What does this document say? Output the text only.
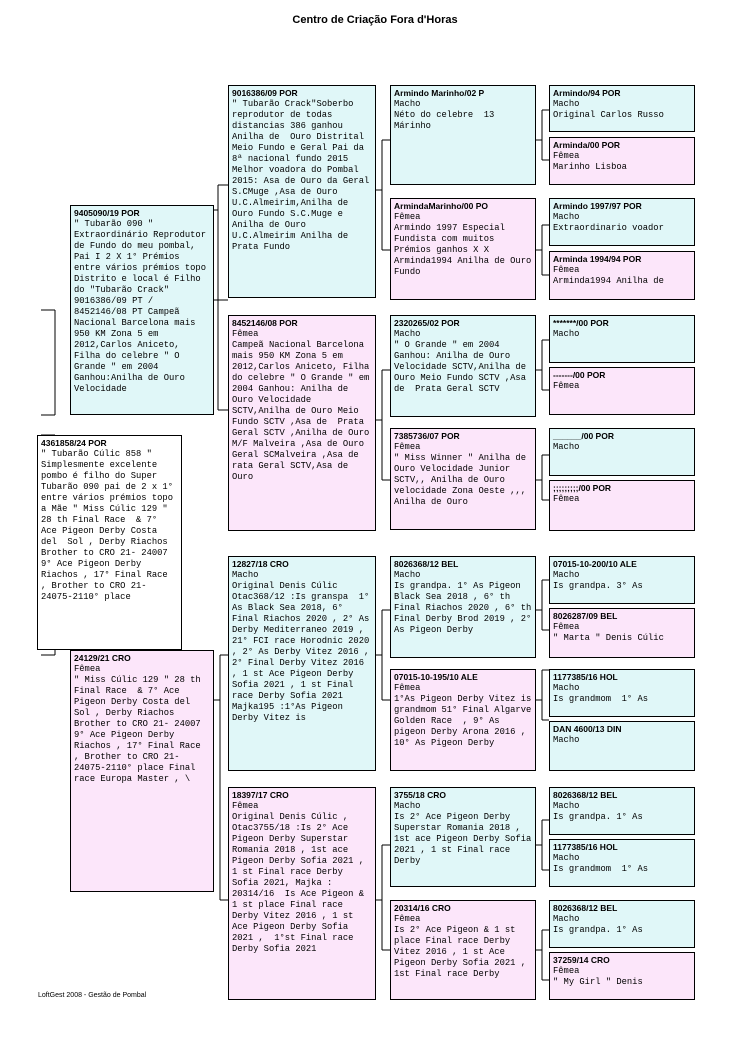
Centro de Criação Fora d'Horas
4361858/24 POR
" Tubarão Cúlic 858 " Simplesmente excelente pombo é filho do Super Tubarão 090 pai de 2 x 1° entre vários prémios topo a Mãe " Miss Cúlic 129 " 28 th Final Race  & 7° Ace Pigeon Derby Costa del  Sol , Derby Riachos Brother to CRO 21- 24007 9° Ace Pigeon Derby Riachos , 17° Final Race , Brother to CRO 21-24075-2110° place
9405090/19 POR
" Tubarão 090 " Extraordinário Reprodutor de Fundo do meu pombal, Pai I 2 X 1° Prémios entre vários prémios topo Distrito e local é Filho do "Tubarão Crack" 9016386/09 PT / 8452146/08 PT Campeã Nacional Barcelona mais 950 KM Zona 5 em 2012,Carlos Aniceto, Filha do celebre " O Grande " em 2004 Ganhou:Anilha de Ouro Velocidade
24129/21 CRO
Fêmea
" Miss Cúlic 129 " 28 th Final Race  & 7° Ace Pigeon Derby Costa del  Sol , Derby Riachos Brother to CRO 21- 24007 9° Ace Pigeon Derby Riachos , 17° Final Race , Brother to CRO 21-24075-2110° place Final race Europa Master , \
9016386/09 POR
" Tubarão Crack"Soberbo reprodutor de todas distancias 386 ganhou Anilha de  Ouro Distrital Meio Fundo e Geral Pai da 8ª nacional fundo 2015 Melhor voadora do Pombal 2015: Asa de Ouro da Geral S.CMuge ,Asa de Ouro U.C.Almeirim,Anilha de Ouro Fundo S.C.Muge e Anilha de Ouro U.C.Almeirim Anilha de Prata Fundo
8452146/08 POR
Fêmea
Campeã Nacional Barcelona mais 950 KM Zona 5 em 2012,Carlos Aniceto, Filha do celebre " O Grande " em 2004 Ganhou: Anilha de Ouro Velocidade SCTV,Anilha de Ouro Meio Fundo SCTV ,Asa de  Prata Geral SCTV ,Anilha de Ouro M/F Malveira ,Asa de Ouro Geral SCMalveira ,Asa de rata Geral SCTV,Asa de Ouro
12827/18 CRO
Macho
Original Denis Cúlic Otac368/12 :Is granspa  1° As Black Sea 2018, 6° Final Riachos 2020 , 2° As Derby Mediterraneo 2019 , 21° FCI race Horodnic 2020 , 2° As Derby Vitez 2016 , 2° Final Derby Vitez 2016 , 1 st Ace Pigeon Derby Sofia 2021 , 1 st Final race Derby Sofia 2021 Majka195 :1°As Pigeon Derby Vitez is
18397/17 CRO
Fêmea
Original Denis Cúlic , Otac3755/18 :Is 2° Ace Pigeon Derby Superstar Romania 2018 , 1st ace Pigeon Derby Sofia 2021 , 1 st Final race Derby Sofia 2021, Majka : 20314/16  Is Ace Pigeon & 1 st place Final race Derby Vitez 2016 , 1 st Ace Pigeon Derby Sofia 2021 ,  1°st Final race Derby Sofia 2021
Armindo Marinho/02 P
Macho
Néto do celebre  13 Márinho
ArmindaMarinho/00 PO
Fêmea
Armindo 1997 Especial Fundista com muitos Prémios ganhos X X Arminda1994 Anilha de Ouro Fundo
2320265/02 POR
Macho
" O Grande " em 2004 Ganhou: Anilha de Ouro Velocidade SCTV,Anilha de Ouro Meio Fundo SCTV ,Asa de  Prata Geral SCTV
7385736/07 POR
Fêmea
" Miss Winner " Anilha de Ouro Velocidade Junior SCTV,, Anilha de Ouro velocidade Zona Oeste ,,, Anilha de Ouro
8026368/12 BEL
Macho
Is grandpa. 1° As Pigeon Black Sea 2018 , 6° th Final Riachos 2020 , 6° th Final Derby Brod 2019 , 2° As Pigeon Derby
07015-10-195/10 ALE
Fêmea
1°As Pigeon Derby Vitez is grandmom 51° Final Algarve Golden Race  , 9° As pigeon Derby Arona 2016 , 10° As Pigeon Derby
3755/18 CRO
Macho
Is 2° Ace Pigeon Derby Superstar Romania 2018 , 1st ace Pigeon Derby Sofia 2021 , 1 st Final race Derby
20314/16 CRO
Fêmea
Is 2° Ace Pigeon & 1 st place Final race Derby Vitez 2016 , 1 st Ace Pigeon Derby Sofia 2021 , 1st Final race Derby
Armindo/94 POR
Macho
Original Carlos Russo
Arminda/00 POR
Fêmea
Marinho Lisboa
Armindo 1997/97 POR
Macho
Extraordinario voador
Arminda 1994/94 POR
Fêmea
Arminda1994 Anilha de
*******/00 POR
Macho
-------/00 POR
Fêmea
______/00 POR
Macho
;;;;;;;;;/00 POR
Fêmea
07015-10-200/10 ALE
Macho
Is grandpa. 3° As
8026287/09 BEL
Fêmea
" Marta " Denis Cúlic
1177385/16 HOL
Macho
Is grandmom  1° As
DAN 4600/13 DIN
Macho
8026368/12 BEL
Macho
Is grandpa. 1° As
1177385/16 HOL
Macho
Is grandmom  1° As
8026368/12 BEL
Macho
Is grandpa. 1° As
37259/14 CRO
Fêmea
" My Girl " Denis
LoftGest 2008 - Gestão de Pombal
